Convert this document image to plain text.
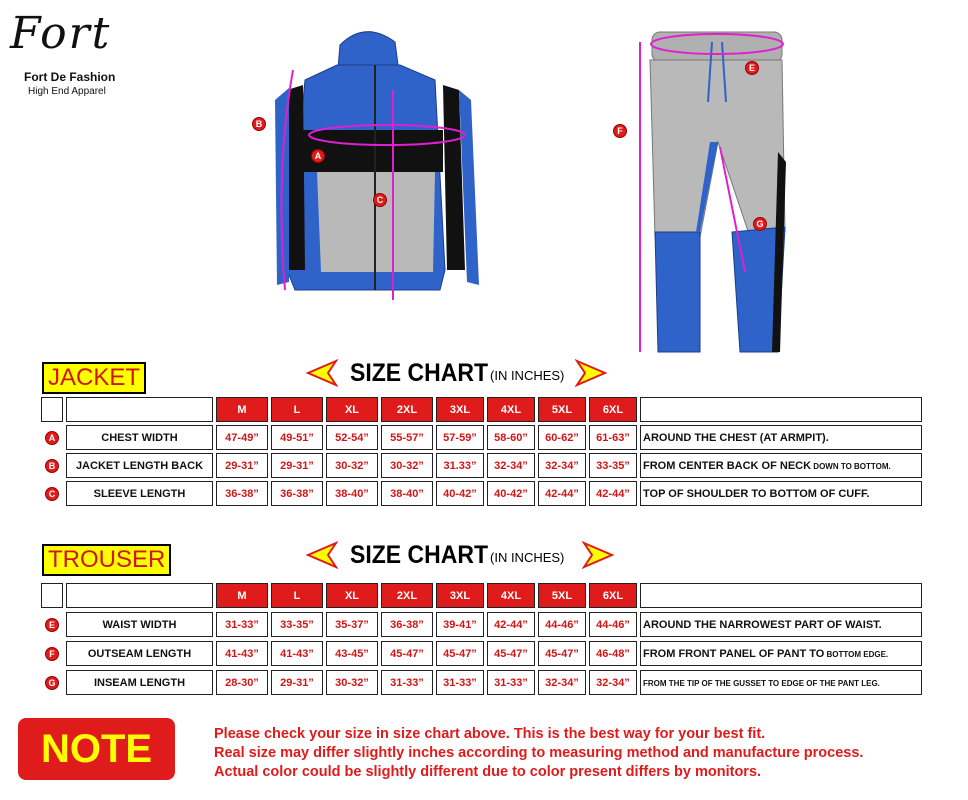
Fort
Fort De Fashion
High End Apparel
B
A
C
E
F
G
JACKET	SIZE CHART (IN INCHES)
		M	L	XL	2XL	3XL	4XL	5XL	6XL	

A	CHEST WIDTH	47-49”	49-51”	52-54”	55-57”	57-59”	58-60”	60-62”	61-63”	AROUND THE CHEST (AT ARMPIT).

B	JACKET LENGTH BACK	29-31”	29-31”	30-32”	30-32”	31.33”	32-34”	32-34”	33-35”	FROM CENTER BACK OF NECK DOWN TO BOTTOM.

C	SLEEVE LENGTH	36-38”	36-38”	38-40”	38-40”	40-42”	40-42”	42-44”	42-44”	TOP OF SHOULDER TO BOTTOM OF CUFF.
TROUSER	SIZE CHART (IN INCHES)
		M	L	XL	2XL	3XL	4XL	5XL	6XL	

E	WAIST WIDTH	31-33”	33-35”	35-37”	36-38”	39-41”	42-44”	44-46”	44-46”	AROUND THE NARROWEST PART OF WAIST.

F	OUTSEAM LENGTH	41-43”	41-43”	43-45”	45-47”	45-47”	45-47”	45-47”	46-48”	FROM FRONT PANEL OF PANT TO BOTTOM EDGE.

G	INSEAM LENGTH	28-30”	29-31”	30-32”	31-33”	31-33”	31-33”	32-34”	32-34”	FROM THE TIP OF THE GUSSET TO EDGE OF THE PANT LEG.
NOTE	Please check your size in size chart above. This is the best way for your best fit.
Real size may differ slightly inches according to measuring method and manufacture process.
Actual color could be slightly different due to color present differs by monitors.
